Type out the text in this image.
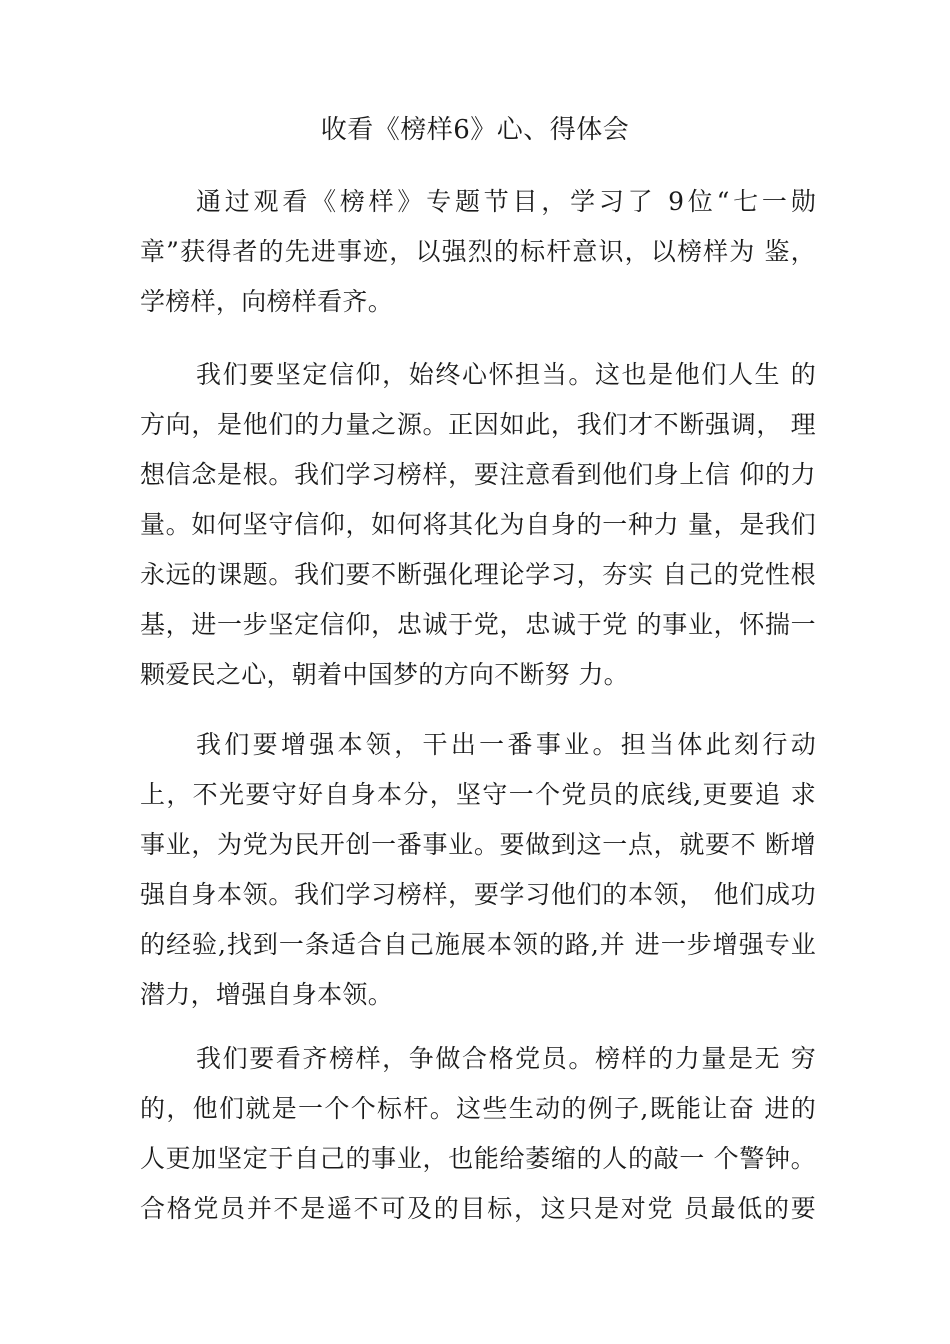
收看《榜样6》心、得体会
通过观看《榜样》专题节目，学习了 9位“七一勋
章”获得者的先进事迹，以强烈的标杆意识，以榜样为 鉴，
学榜样，向榜样看齐。
我们要坚定信仰，始终心怀担当。这也是他们人生 的
方向，是他们的力量之源。正因如此，我们才不断强调， 理
想信念是根。我们学习榜样，要注意看到他们身上信 仰的力
量。如何坚守信仰，如何将其化为自身的一种力 量，是我们
永远的课题。我们要不断强化理论学习，夯实 自己的党性根
基，进一步坚定信仰，忠诚于党，忠诚于党 的事业，怀揣一
颗爱民之心，朝着中国梦的方向不断努 力。
我们要增强本领，干出一番事业。担当体此刻行动
上，不光要守好自身本分，坚守一个党员的底线,更要追 求
事业，为党为民开创一番事业。要做到这一点，就要不 断增
强自身本领。我们学习榜样，要学习他们的本领， 他们成功
的经验,找到一条适合自己施展本领的路,并 进一步增强专业
潜力，增强自身本领。
我们要看齐榜样，争做合格党员。榜样的力量是无 穷
的，他们就是一个个标杆。这些生动的例子,既能让奋 进的
人更加坚定于自己的事业，也能给萎缩的人的敲一 个警钟。
合格党员并不是遥不可及的目标，这只是对党 员最低的要
